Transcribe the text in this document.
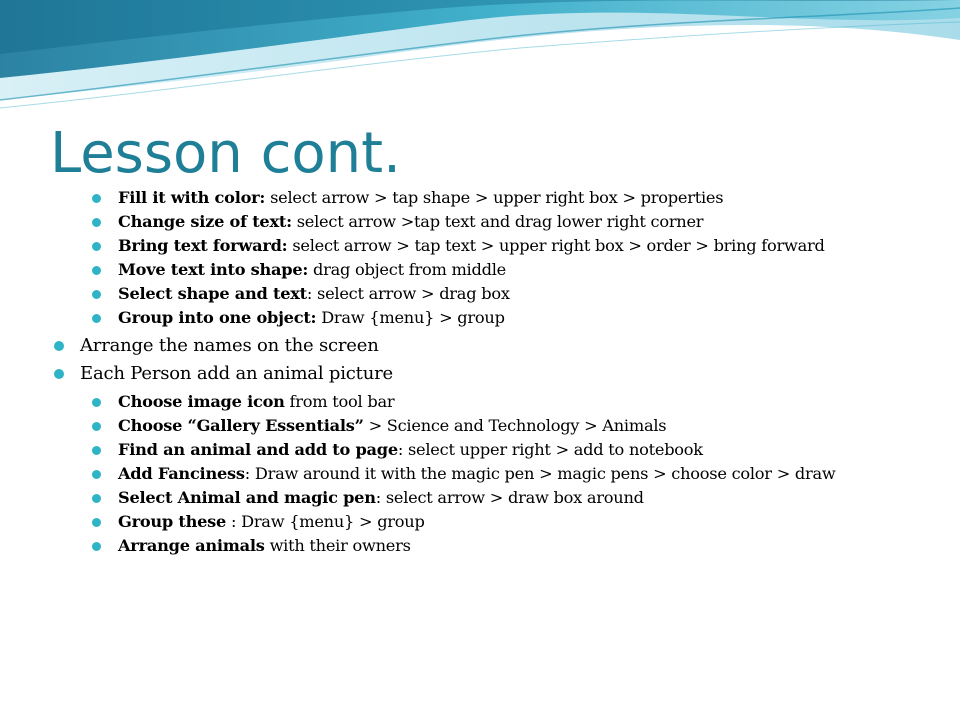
Lesson cont.
Fill it with color: select arrow > tap shape > upper right box > properties
Change size of text: select arrow >tap text and drag lower right corner
Bring text forward: select arrow > tap text > upper right box > order > bring forward
Move text into shape: drag object from middle
Select shape and text: select arrow > drag box
Group into one object: Draw {menu} > group
Arrange the names on the screen
Each Person add an animal picture
Choose image icon from tool bar
Choose “Gallery Essentials” > Science and Technology > Animals
Find an animal and add to page: select upper right > add to notebook
Add Fanciness: Draw around it with the magic pen > magic pens > choose color > draw
Select Animal and magic pen: select arrow > draw box around
Group these : Draw {menu} > group
Arrange animals with their owners
